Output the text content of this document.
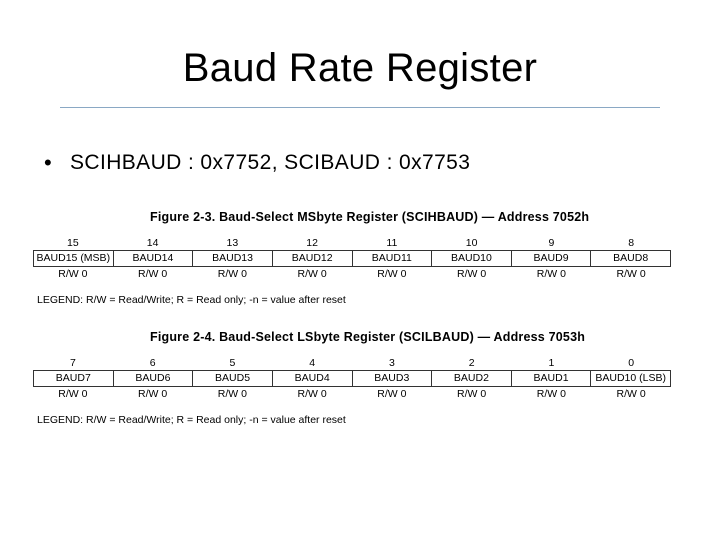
Baud Rate Register
• SCIHBAUD : 0x7752, SCIBAUD : 0x7753
Figure 2-3. Baud-Select MSbyte Register (SCIHBAUD) — Address 7052h
15	14	13	12	11	10	9	8
BAUD15 (MSB)	BAUD14	BAUD13	BAUD12	BAUD11	BAUD10	BAUD9	BAUD8
R/W 0	R/W 0	R/W 0	R/W 0	R/W 0	R/W 0	R/W 0	R/W 0
LEGEND: R/W = Read/Write; R = Read only; -n = value after reset
Figure 2-4. Baud-Select LSbyte Register (SCILBAUD) — Address 7053h
7	6	5	4	3	2	1	0
BAUD7	BAUD6	BAUD5	BAUD4	BAUD3	BAUD2	BAUD1	BAUD10 (LSB)
R/W 0	R/W 0	R/W 0	R/W 0	R/W 0	R/W 0	R/W 0	R/W 0
LEGEND: R/W = Read/Write; R = Read only; -n = value after reset
